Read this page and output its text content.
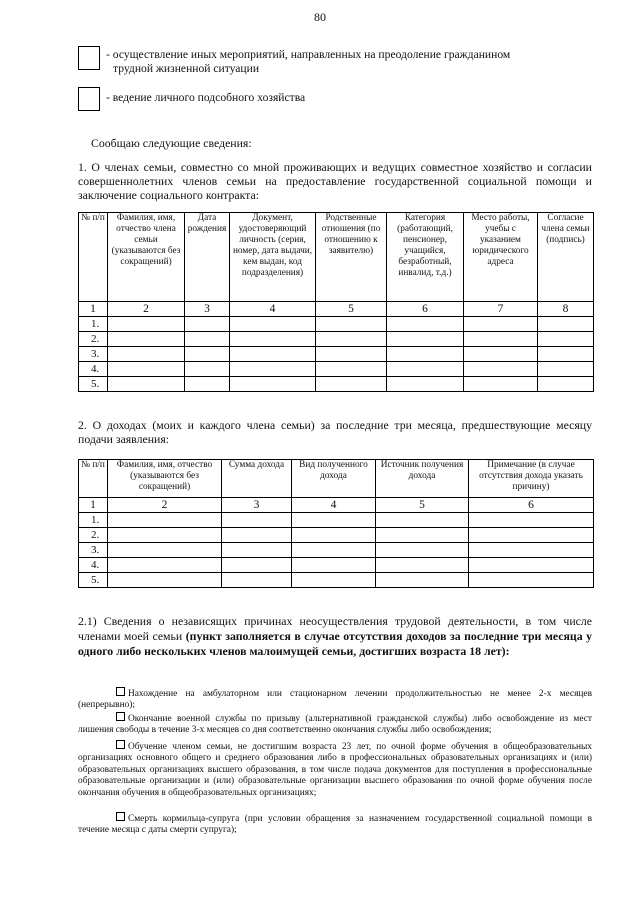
80
- осуществление иных мероприятий, направленных на преодоление гражданином
трудной жизненной ситуации
- ведение личного подсобного хозяйства
Сообщаю следующие сведения:
1. О членах семьи, совместно со мной проживающих и ведущих совместное хозяйство и согласии совершеннолетних членов семьи на предоставление государственной социальной помощи и заключение социального контракта:
№ п/п	Фамилия, имя, отчество члена семьи (указываются без сокращений)	Дата рождения	Документ, удостоверяющий личность (серия, номер, дата выдачи, кем выдан, код подразделения)	Родственные отношения (по отношению к заявителю)	Категория (работающий, пенсионер, учащийся, безработный, инвалид, т.д.)	Место работы, учебы с указанием юридического адреса	Согласие члена семьи (подпись)
1	2	3	4	5	6	7	8
1.							
2.							
3.							
4.							
5.							
2. О доходах (моих и каждого члена семьи) за последние три месяца, предшествующие месяцу подачи заявления:
№ п/п	Фамилия, имя, отчество (указываются без сокращений)	Сумма дохода	Вид полученного дохода	Источник получения дохода	Примечание (в случае отсутствия дохода указать причину)
1	2	3	4	5	6
1.					
2.					
3.					
4.					
5.					
2.1) Сведения о независящих причинах неосуществления трудовой деятельности, в том числе членами моей семьи (пункт заполняется в случае отсутствия доходов за последние три месяца у одного либо нескольких членов малоимущей семьи, достигших возраста 18 лет):
Нахождение на амбулаторном или стационарном лечении продолжительностью не менее 2-х месяцев (непрерывно);
Окончание военной службы по призыву (альтернативной гражданской службы) либо освобождение из мест лишения свободы в течение 3-х месяцев со дня соответственно окончания службы либо освобождения;
Обучение членом семьи, не достигшим возраста 23 лет, по очной форме обучения в общеобразовательных организациях основного общего и среднего образования либо в профессиональных образовательных организациях и (или) образовательных организациях высшего образования, в том числе подача документов для поступления в профессиональные образовательные организации и (или) образовательные организации высшего образования по очной форме обучения после окончания обучения в общеобразовательных организациях;
Смерть кормильца-супруга (при условии обращения за назначением государственной социальной помощи в течение месяца с даты смерти супруга);
